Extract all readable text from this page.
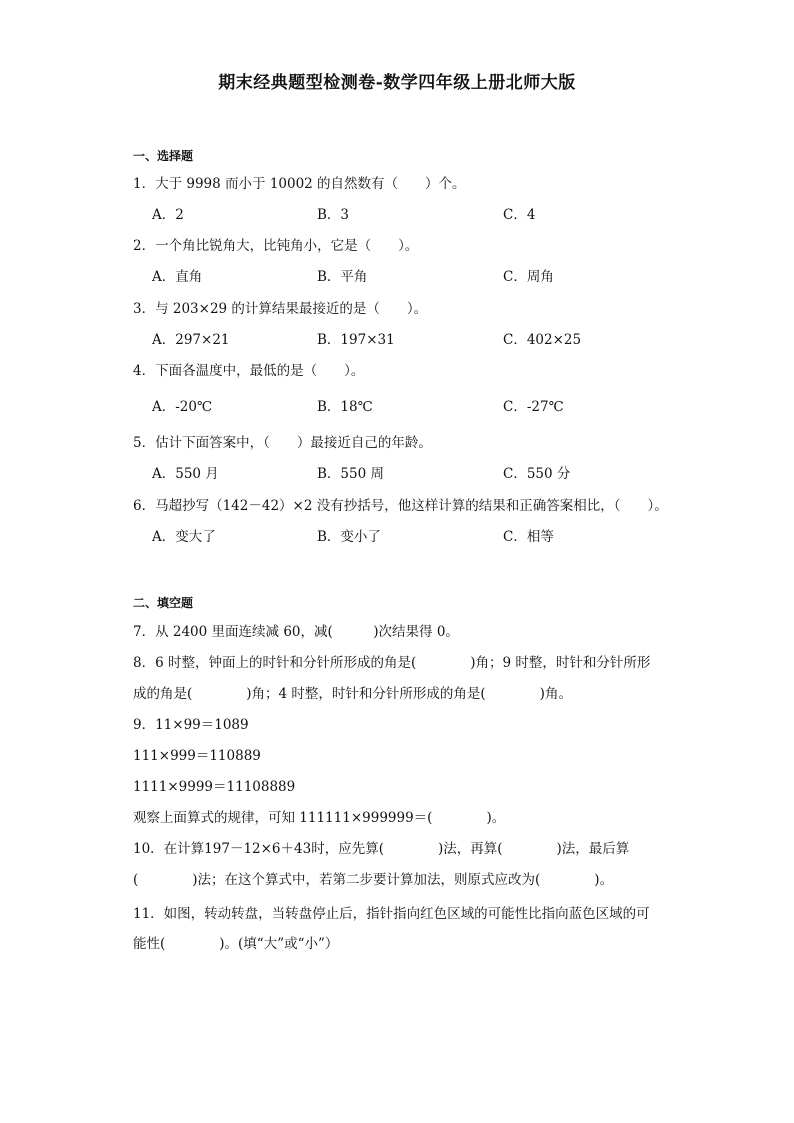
期末经典题型检测卷-数学四年级上册北师大版
一、选择题
1．大于 9998 而小于 10002 的自然数有（　　）个。
A．2	B．3	C．4
2．一个角比锐角大，比钝角小，它是（　　）。
A．直角	B．平角	C．周角
3．与 203×29 的计算结果最接近的是（　　）。
A．297×21	B．197×31	C．402×25
4．下面各温度中，最低的是（　　）。
A．-20℃	B．18℃	C．-27℃
5．估计下面答案中，（　　）最接近自己的年龄。
A．550 月	B．550 周	C．550 分
6．马超抄写（142－42）×2 没有抄括号，他这样计算的结果和正确答案相比，（　　）。
A．变大了	B．变小了	C．相等
二、填空题
7．从 2400 里面连续减 60，减(　　　)次结果得 0。
8．6 时整，钟面上的时针和分针所形成的角是(　　　　)角；9 时整，时针和分针所形
成的角是(　　　　)角；4 时整，时针和分针所形成的角是(　　　　)角。
9．11×99＝1089
111×999＝110889
1111×9999＝11108889
观察上面算式的规律，可知 111111×999999＝(　　　　)。
10．在计算197－12×6＋43时，应先算(　　　　)法，再算(　　　　)法，最后算
(　　　　)法；在这个算式中，若第二步要计算加法，则原式应改为(　　　　)。
11．如图，转动转盘，当转盘停止后，指针指向红色区域的可能性比指向蓝色区域的可
能性(　　　　)。(填“大”或“小”）
